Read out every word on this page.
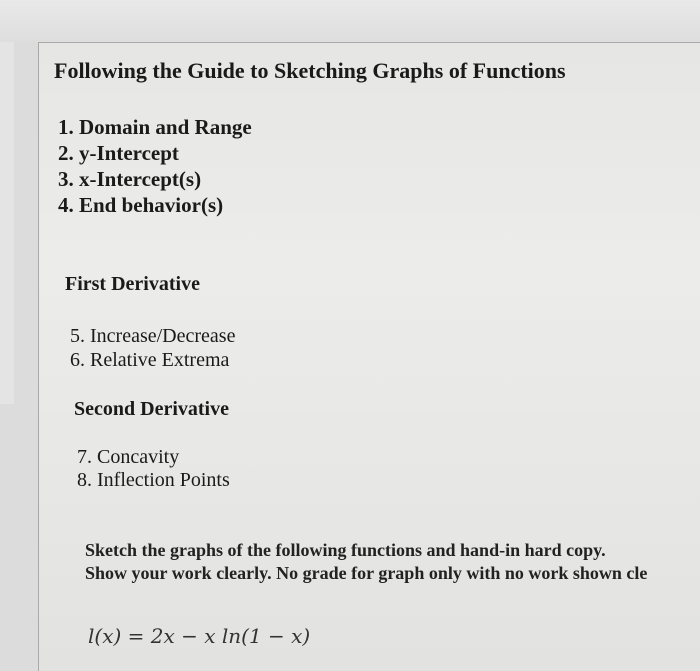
Following the Guide to Sketching Graphs of Functions
1. Domain and Range
2. y-Intercept
3. x-Intercept(s)
4. End behavior(s)
First Derivative
5. Increase/Decrease
6. Relative Extrema
Second Derivative
7. Concavity
8. Inflection Points
Sketch the graphs of the following functions and hand-in hard copy.
Show your work clearly. No grade for graph only with no work shown cle
l(x) = 2x − x ln(1 − x)
